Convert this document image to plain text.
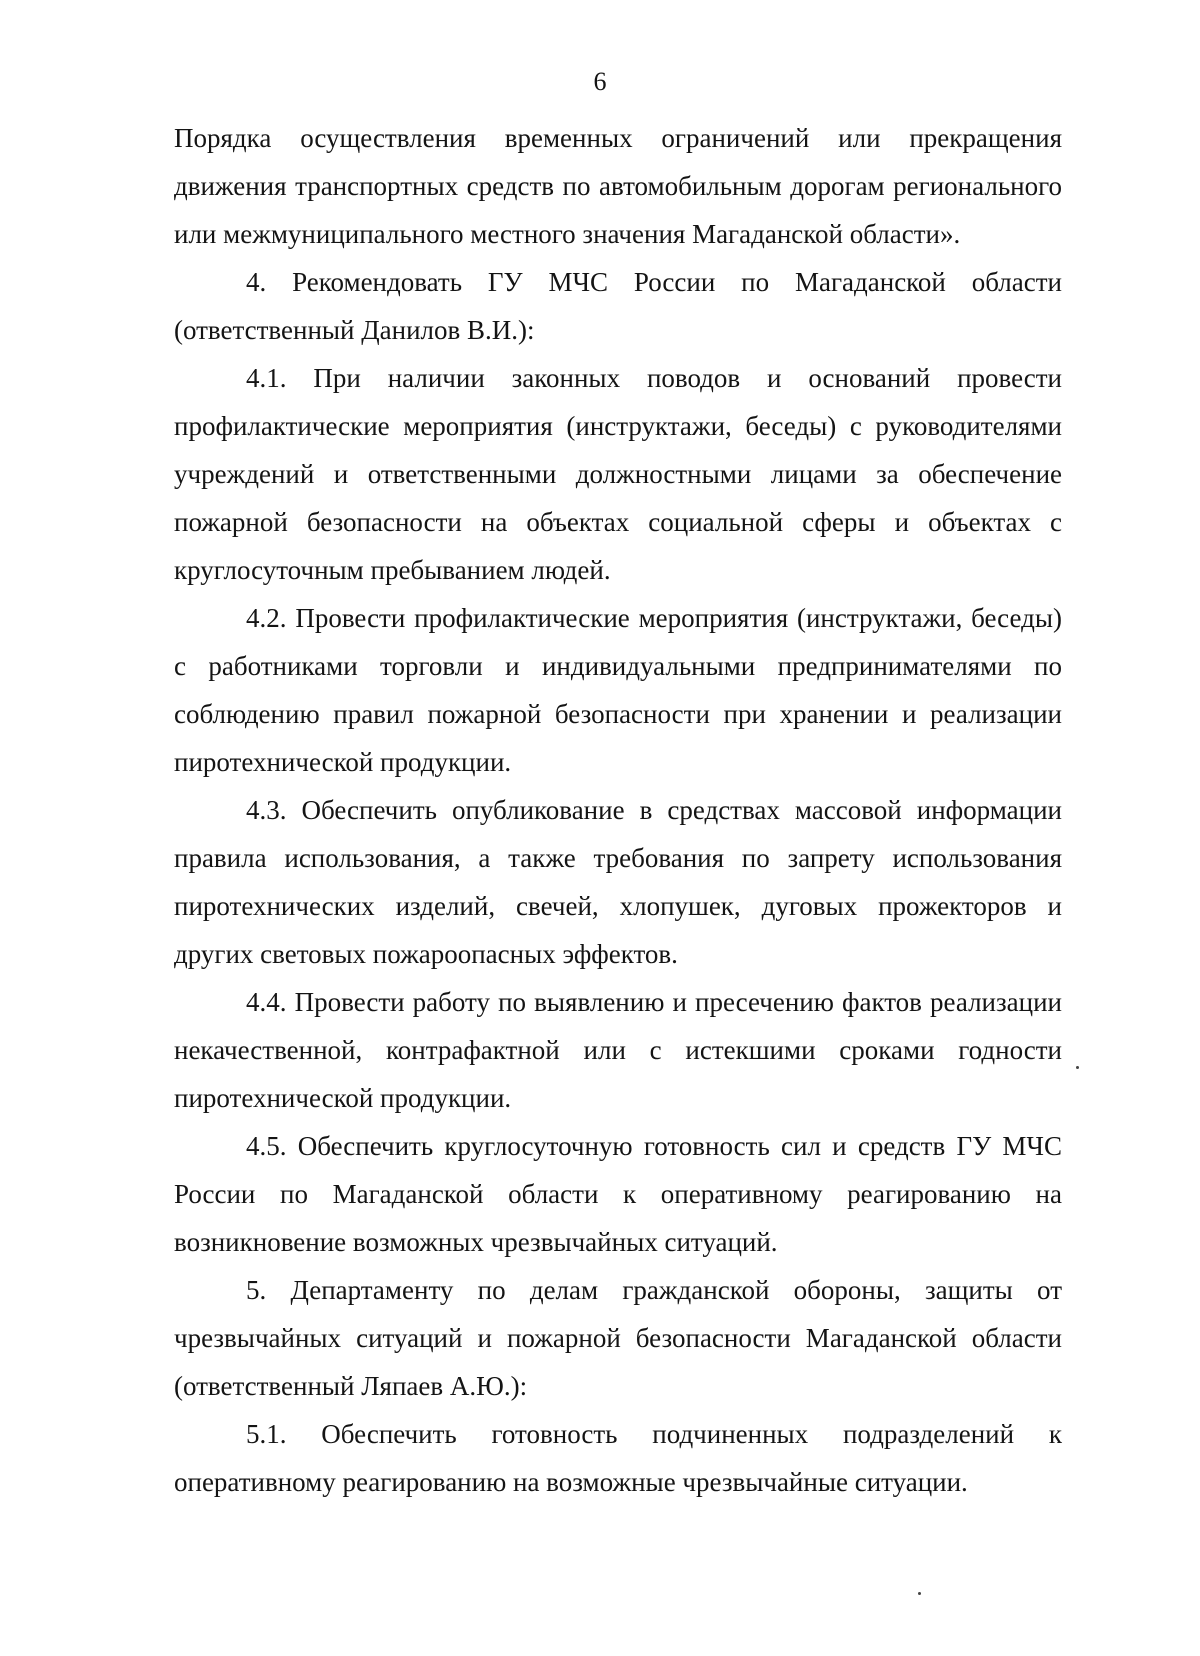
6

Порядка осуществления временных ограничений или прекращения движения транспортных средств по автомобильным дорогам регионального или межмуниципального местного значения Магаданской области».

4. Рекомендовать ГУ МЧС России по Магаданской области (ответственный Данилов В.И.):

4.1. При наличии законных поводов и оснований провести профилактические мероприятия (инструктажи, беседы) с руководителями учреждений и ответственными должностными лицами за обеспечение пожарной безопасности на объектах социальной сферы и объектах с круглосуточным пребыванием людей.

4.2. Провести профилактические мероприятия (инструктажи, беседы) с работниками торговли и индивидуальными предпринимателями по соблюдению правил пожарной безопасности при хранении и реализации пиротехнической продукции.

4.3. Обеспечить опубликование в средствах массовой информации правила использования, а также требования по запрету использования пиротехнических изделий, свечей, хлопушек, дуговых прожекторов и других световых пожароопасных эффектов.

4.4. Провести работу по выявлению и пресечению фактов реализации некачественной, контрафактной или с истекшими сроками годности пиротехнической продукции.

4.5. Обеспечить круглосуточную готовность сил и средств ГУ МЧС России по Магаданской области к оперативному реагированию на возникновение возможных чрезвычайных ситуаций.

5. Департаменту по делам гражданской обороны, защиты от чрезвычайных ситуаций и пожарной безопасности Магаданской области (ответственный Ляпаев А.Ю.):

5.1. Обеспечить готовность подчиненных подразделений к оперативному реагированию на возможные чрезвычайные ситуации.
